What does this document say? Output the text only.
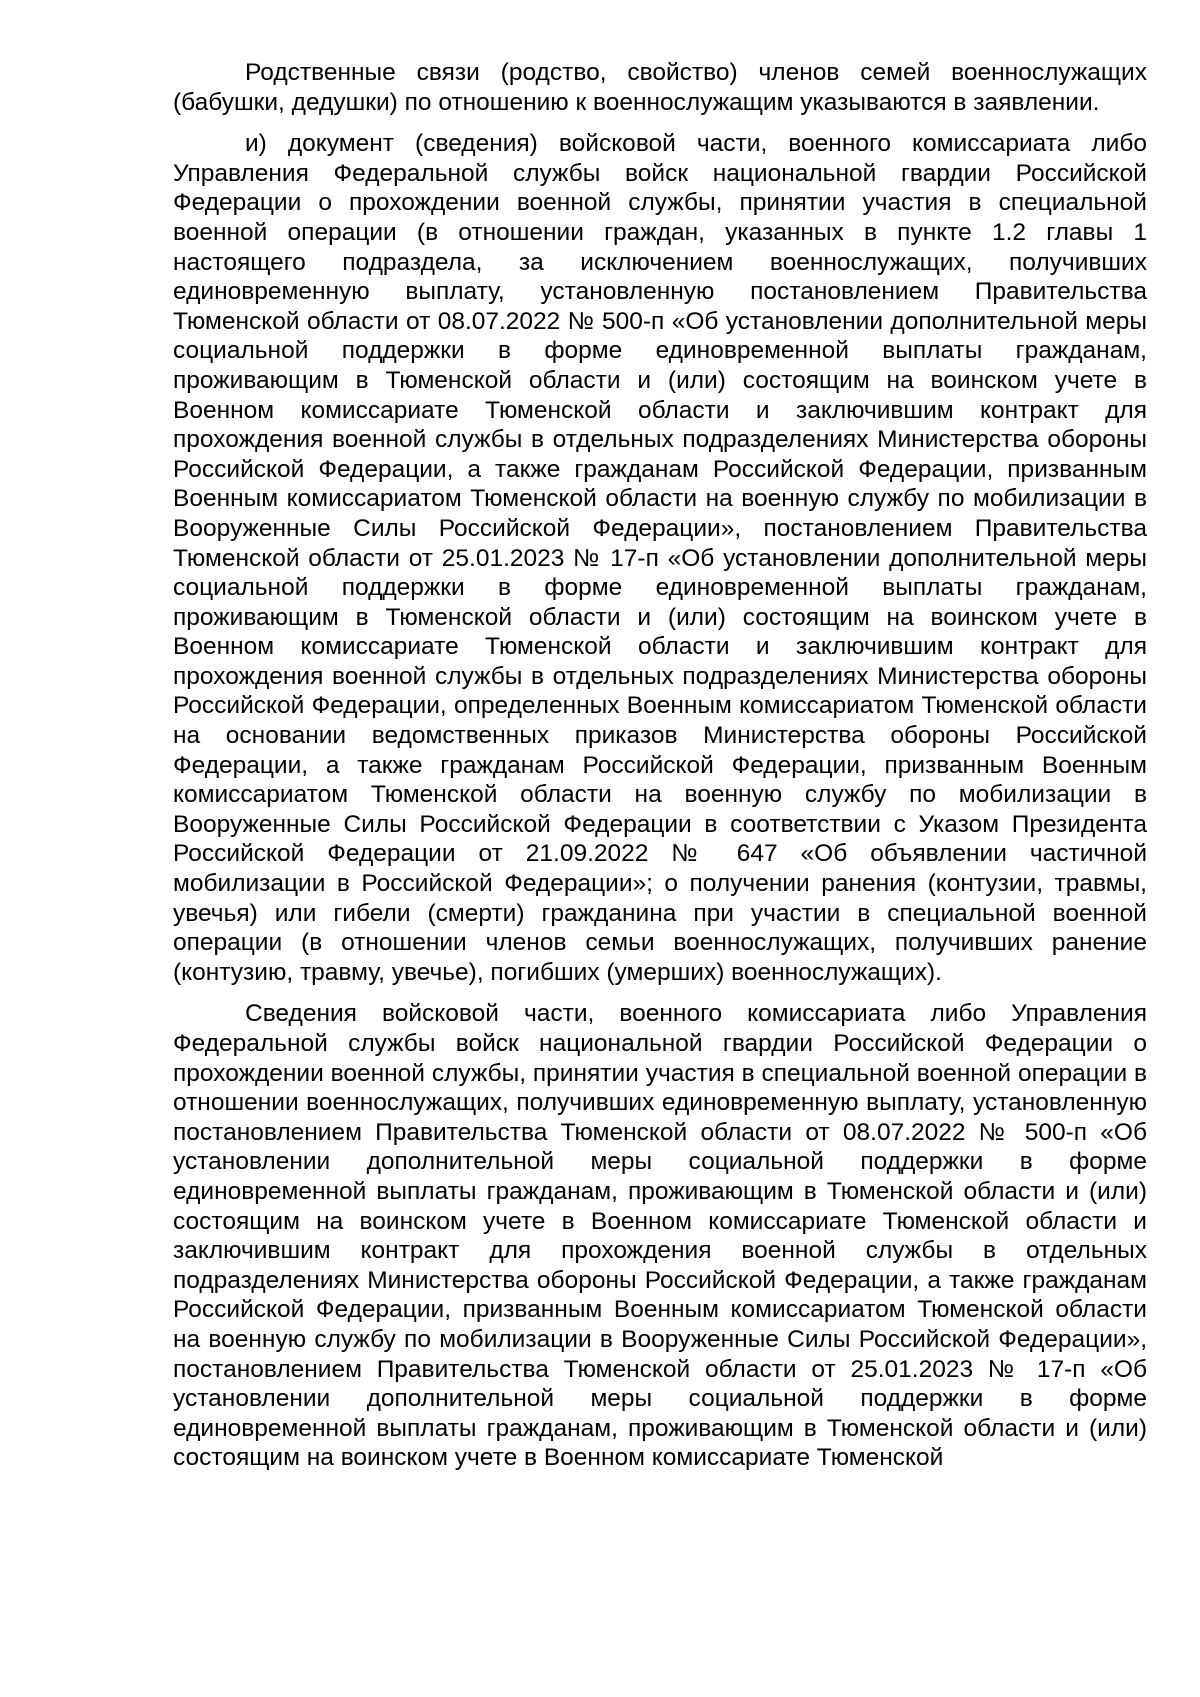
Родственные связи (родство, свойство) членов семей военнослужащих (бабушки, дедушки) по отношению к военнослужащим указываются в заявлении.

и) документ (сведения) войсковой части, военного комиссариата либо Управления Федеральной службы войск национальной гвардии Российской Федерации о прохождении военной службы, принятии участия в специальной военной операции (в отношении граждан, указанных в пункте 1.2 главы 1 настоящего подраздела, за исключением военнослужащих, получивших единовременную выплату, установленную постановлением Правительства Тюменской области от 08.07.2022 № 500-п «Об установлении дополнительной меры социальной поддержки в форме единовременной выплаты гражданам, проживающим в Тюменской области и (или) состоящим на воинском учете в Военном комиссариате Тюменской области и заключившим контракт для прохождения военной службы в отдельных подразделениях Министерства обороны Российской Федерации, а также гражданам Российской Федерации, призванным Военным комиссариатом Тюменской области на военную службу по мобилизации в Вооруженные Силы Российской Федерации», постановлением Правительства Тюменской области от 25.01.2023 № 17-п «Об установлении дополнительной меры социальной поддержки в форме единовременной выплаты гражданам, проживающим в Тюменской области и (или) состоящим на воинском учете в Военном комиссариате Тюменской области и заключившим контракт для прохождения военной службы в отдельных подразделениях Министерства обороны Российской Федерации, определенных Военным комиссариатом Тюменской области на основании ведомственных приказов Министерства обороны Российской Федерации, а также гражданам Российской Федерации, призванным Военным комиссариатом Тюменской области на военную службу по мобилизации в Вооруженные Силы Российской Федерации в соответствии с Указом Президента Российской Федерации от 21.09.2022 № 647 «Об объявлении частичной мобилизации в Российской Федерации»; о получении ранения (контузии, травмы, увечья) или гибели (смерти) гражданина при участии в специальной военной операции (в отношении членов семьи военнослужащих, получивших ранение (контузию, травму, увечье), погибших (умерших) военнослужащих).

Сведения войсковой части, военного комиссариата либо Управления Федеральной службы войск национальной гвардии Российской Федерации о прохождении военной службы, принятии участия в специальной военной операции в отношении военнослужащих, получивших единовременную выплату, установленную постановлением Правительства Тюменской области от 08.07.2022 № 500-п «Об установлении дополнительной меры социальной поддержки в форме единовременной выплаты гражданам, проживающим в Тюменской области и (или) состоящим на воинском учете в Военном комиссариате Тюменской области и заключившим контракт для прохождения военной службы в отдельных подразделениях Министерства обороны Российской Федерации, а также гражданам Российской Федерации, призванным Военным комиссариатом Тюменской области на военную службу по мобилизации в Вооруженные Силы Российской Федерации», постановлением Правительства Тюменской области от 25.01.2023 № 17-п «Об установлении дополнительной меры социальной поддержки в форме единовременной выплаты гражданам, проживающим в Тюменской области и (или) состоящим на воинском учете в Военном комиссариате Тюменской
